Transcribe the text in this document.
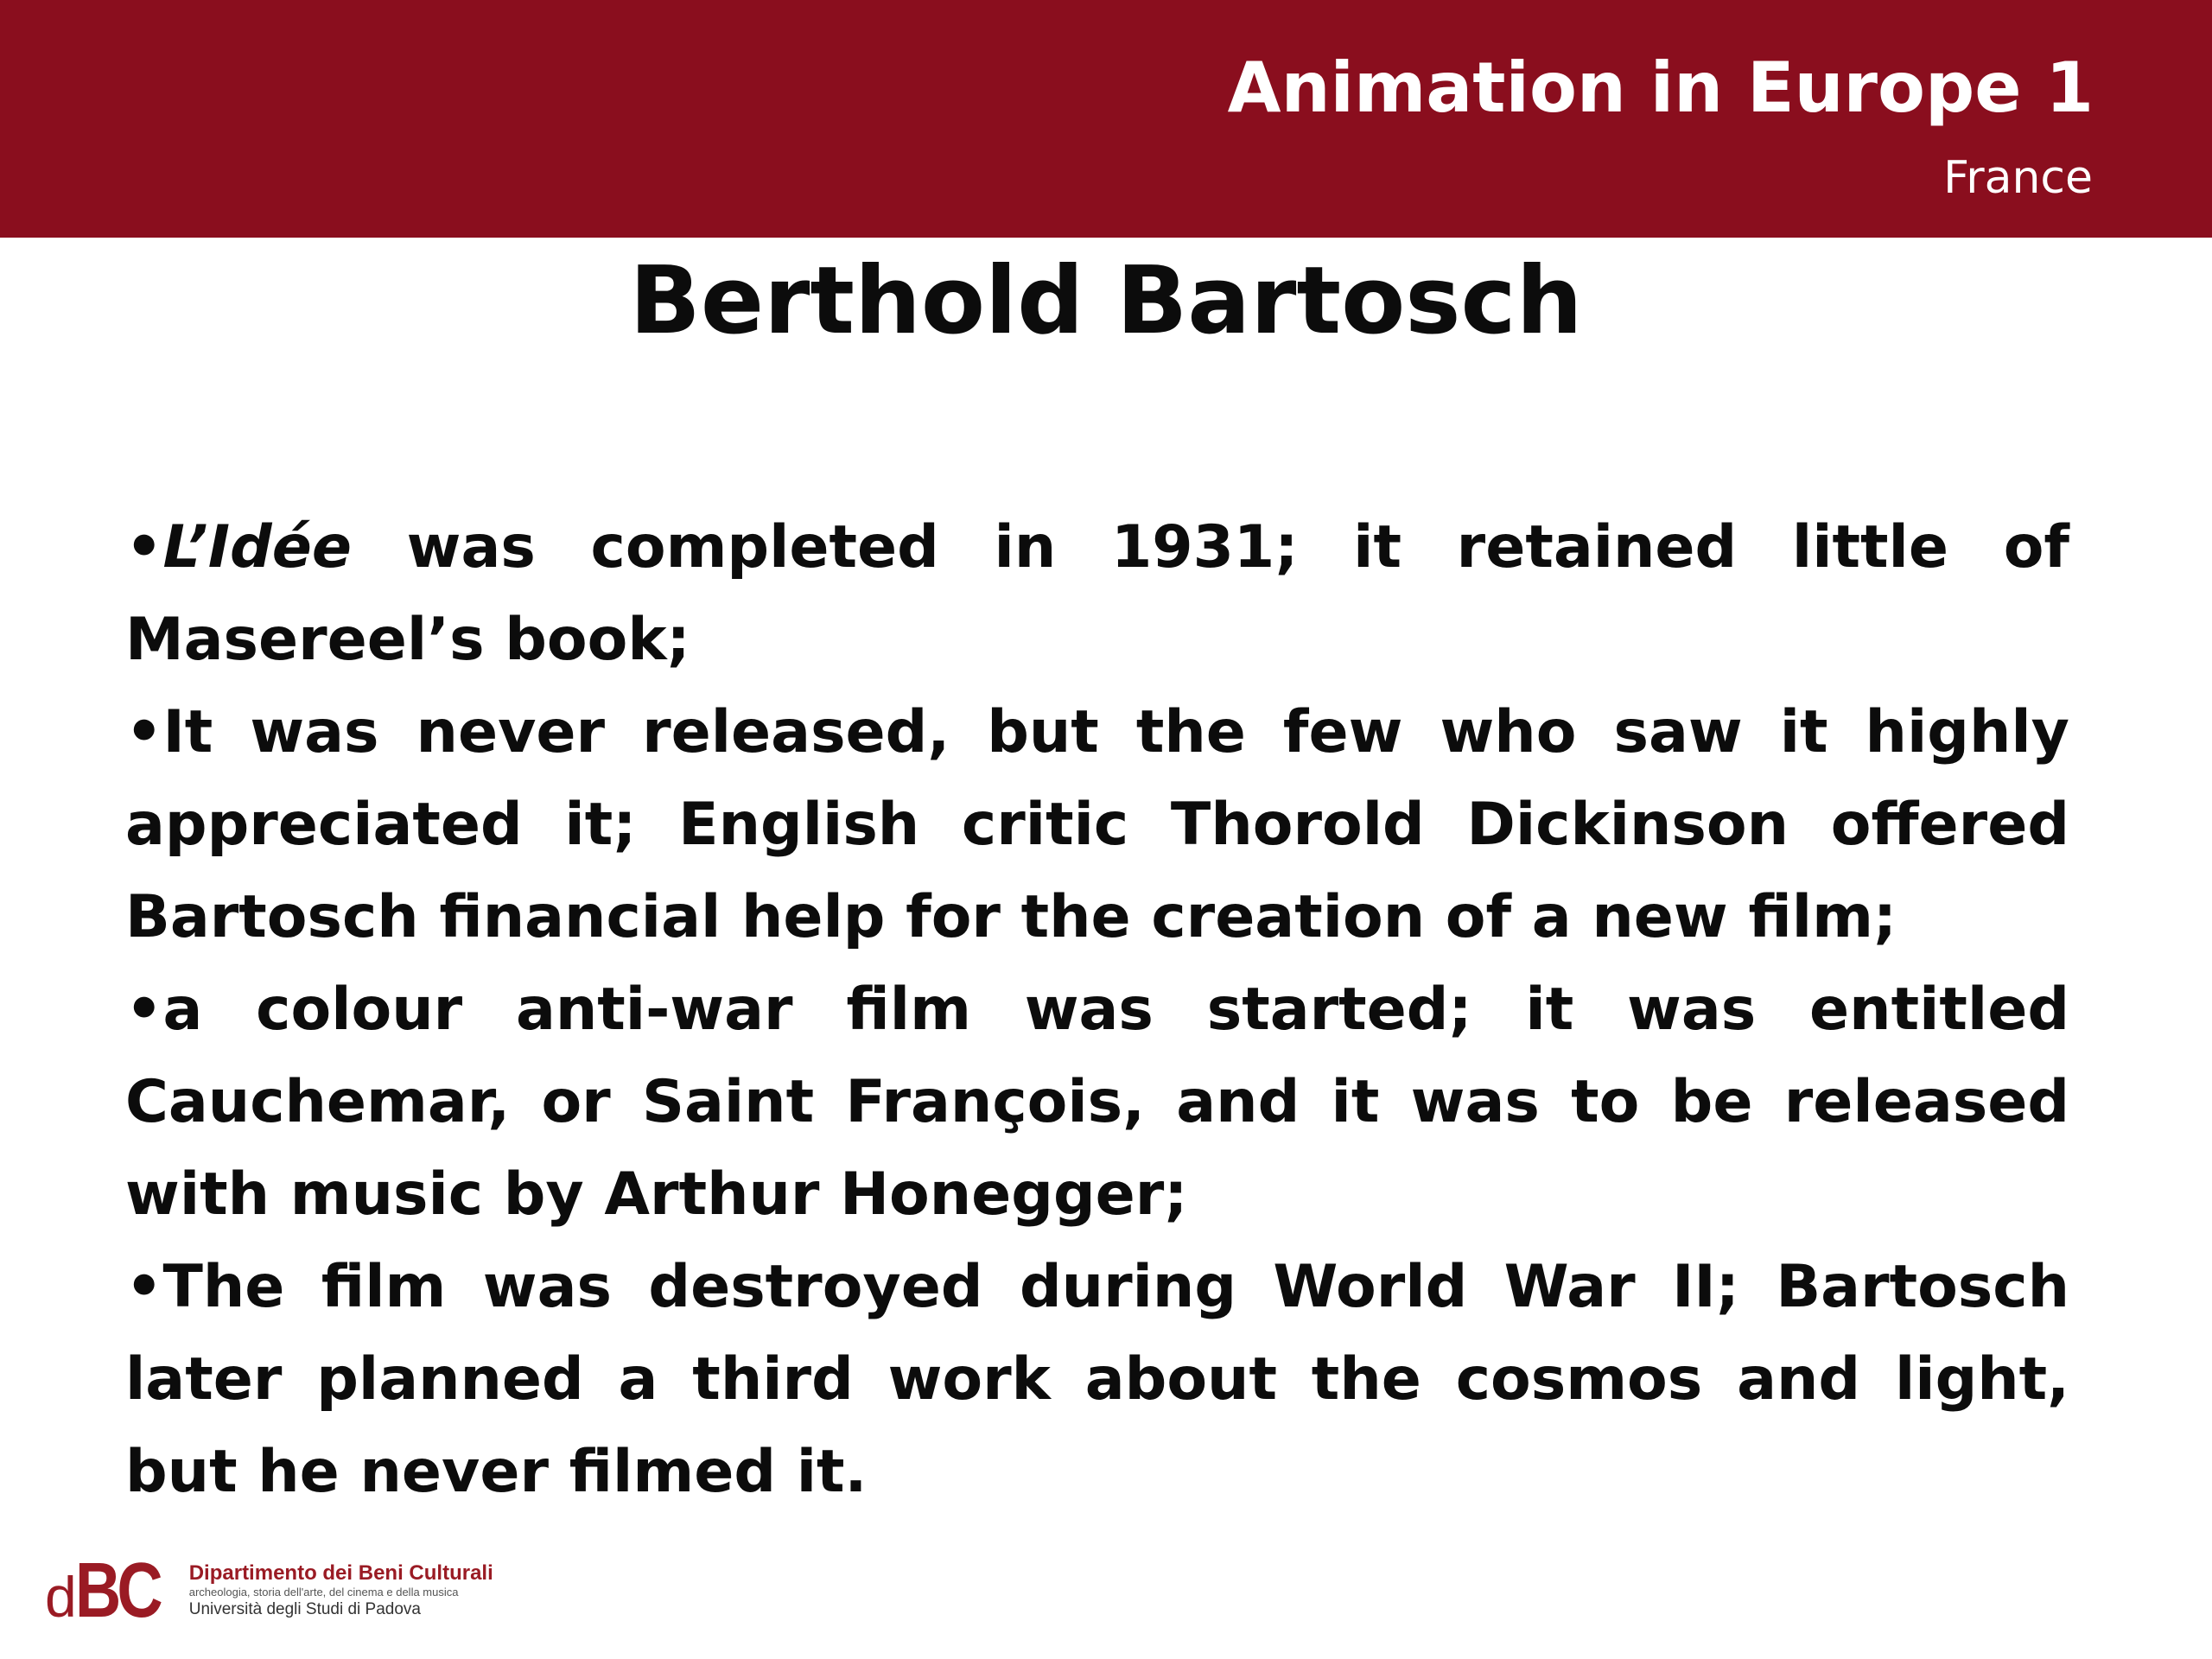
Animation in Europe 1

France

Berthold Bartosch

•L’Idée was completed in 1931; it retained little of Masereel’s book;

•It was never released, but the few who saw it highly appreciated it; English critic Thorold Dickinson offered Bartosch financial help for the creation of a new film;

•a colour anti-war film was started; it was entitled Cauchemar, or Saint François, and it was to be released with music by Arthur Honegger;

•The film was destroyed during World War II; Bartosch later planned a third work about the cosmos and light, but he never filmed it.

d BC Dipartimento dei Beni Culturali
archeologia, storia dell'arte, del cinema e della musica
Università degli Studi di Padova
